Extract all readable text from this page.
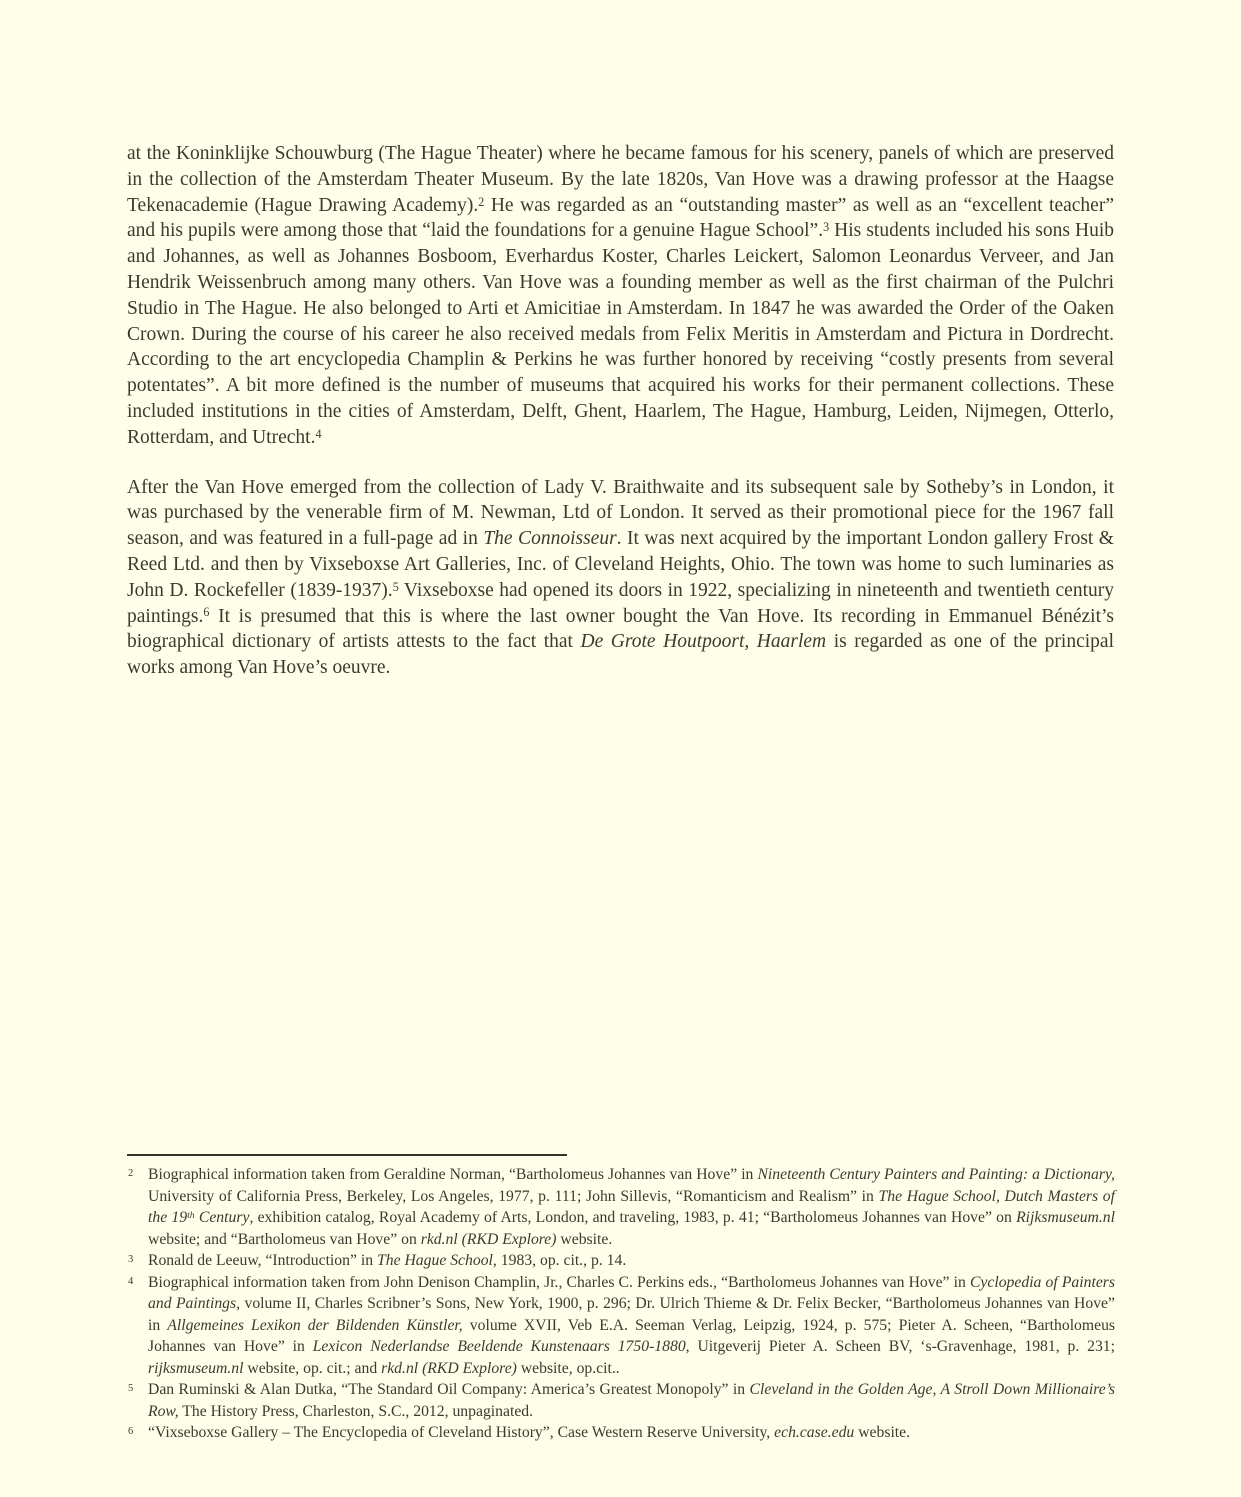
at the Koninklijke Schouwburg (The Hague Theater) where he became famous for his scenery, panels of which are preserved in the collection of the Amsterdam Theater Museum. By the late 1820s, Van Hove was a drawing professor at the Haagse Tekenacademie (Hague Drawing Academy).$^2$ He was regarded as an “outstanding master” as well as an “excellent teacher” and his pupils were among those that “laid the foundations for a genuine Hague School”.$^3$ His students included his sons Huib and Johannes, as well as Johannes Bosboom, Everhardus Koster, Charles Leickert, Salomon Leonardus Verveer, and Jan Hendrik Weissenbruch among many others. Van Hove was a founding member as well as the first chairman of the Pulchri Studio in The Hague. He also belonged to Arti et Amicitiae in Amsterdam. In 1847 he was awarded the Order of the Oaken Crown. During the course of his career he also received medals from Felix Meritis in Amsterdam and Pictura in Dordrecht. According to the art encyclopedia Champlin & Perkins he was further honored by receiving “costly presents from several potentates”. A bit more defined is the number of museums that acquired his works for their permanent collections. These included institutions in the cities of Amsterdam, Delft, Ghent, Haarlem, The Hague, Hamburg, Leiden, Nijmegen, Otterlo, Rotterdam, and Utrecht.$^4$

After the Van Hove emerged from the collection of Lady V. Braithwaite and its subsequent sale by Sotheby’s in London, it was purchased by the venerable firm of M. Newman, Ltd of London. It served as their promotional piece for the 1967 fall season, and was featured in a full-page ad in The Connoisseur. It was next acquired by the important London gallery Frost & Reed Ltd. and then by Vixseboxse Art Galleries, Inc. of Cleveland Heights, Ohio. The town was home to such luminaries as John D. Rockefeller (1839-1937).$^5$ Vixseboxse had opened its doors in 1922, specializing in nineteenth and twentieth century paintings.$^6$ It is presumed that this is where the last owner bought the Van Hove. Its recording in Emmanuel Bénézit’s biographical dictionary of artists attests to the fact that De Grote Houtpoort, Haarlem is regarded as one of the principal works among Van Hove’s oeuvre.

2 Biographical information taken from Geraldine Norman, “Bartholomeus Johannes van Hove” in Nineteenth Century Painters and Painting: a Dictionary, University of California Press, Berkeley, Los Angeles, 1977, p. 111; John Sillevis, “Romanticism and Realism” in The Hague School, Dutch Masters of the 19th Century, exhibition catalog, Royal Academy of Arts, London, and traveling, 1983, p. 41; “Bartholomeus Johannes van Hove” on Rijksmuseum.nl website; and “Bartholomeus van Hove” on rkd.nl (RKD Explore) website.
3 Ronald de Leeuw, “Introduction” in The Hague School, 1983, op. cit., p. 14.
4 Biographical information taken from John Denison Champlin, Jr., Charles C. Perkins eds., “Bartholomeus Johannes van Hove” in Cyclopedia of Painters and Paintings, volume II, Charles Scribner’s Sons, New York, 1900, p. 296; Dr. Ulrich Thieme & Dr. Felix Becker, “Bartholomeus Johannes van Hove” in Allgemeines Lexikon der Bildenden Künstler, volume XVII, Veb E.A. Seeman Verlag, Leipzig, 1924, p. 575; Pieter A. Scheen, “Bartholomeus Johannes van Hove” in Lexicon Nederlandse Beeldende Kunstenaars 1750-1880, Uitgeverij Pieter A. Scheen BV, ‘s-Gravenhage, 1981, p. 231; rijksmuseum.nl website, op. cit.; and rkd.nl (RKD Explore) website, op.cit..
5 Dan Ruminski & Alan Dutka, “The Standard Oil Company: America’s Greatest Monopoly” in Cleveland in the Golden Age, A Stroll Down Millionaire’s Row, The History Press, Charleston, S.C., 2012, unpaginated.
6 “Vixseboxse Gallery – The Encyclopedia of Cleveland History”, Case Western Reserve University, ech.case.edu website.
